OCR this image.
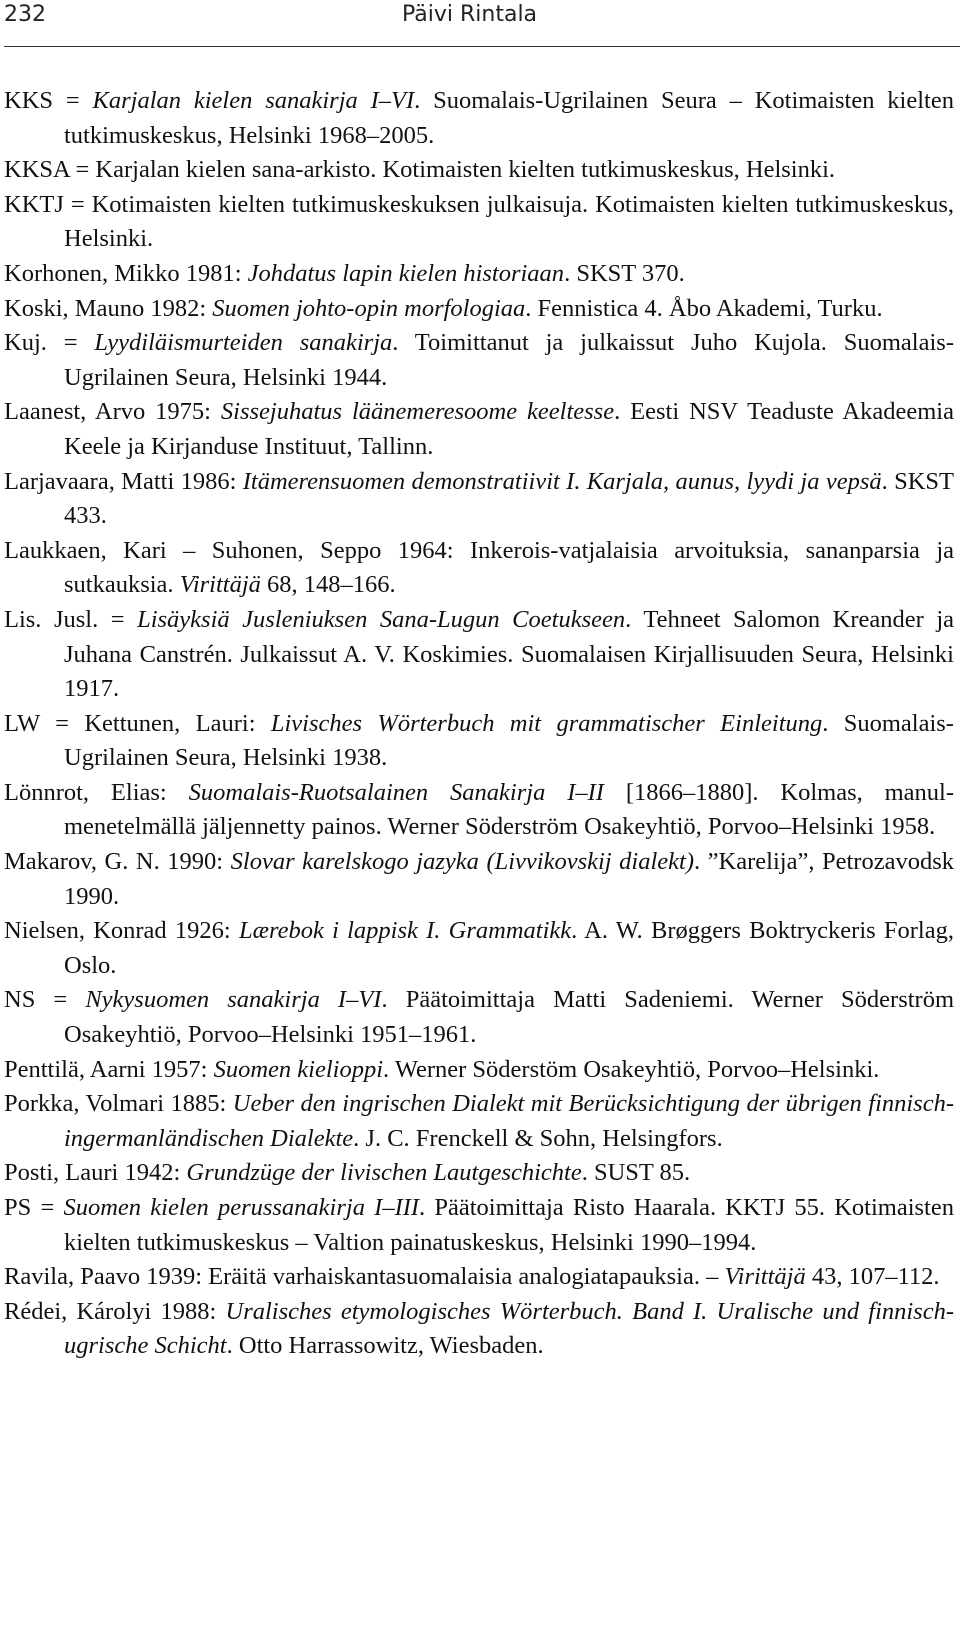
232	Päivi Rintala

KKS = Karjalan kielen sanakirja I–VI. Suomalais-Ugrilainen Seura – Kotimaisten kielten tutkimuskeskus, Helsinki 1968–2005.

KKSA = Karjalan kielen sana-arkisto. Kotimaisten kielten tutkimuskeskus, Helsinki.

KKTJ = Kotimaisten kielten tutkimuskeskuksen julkaisuja. Kotimaisten kielten tutkimuskeskus, Helsinki.

Korhonen, Mikko 1981: Johdatus lapin kielen historiaan. SKST 370.

Koski, Mauno 1982: Suomen johto-opin morfologiaa. Fennistica 4. Åbo Akademi, Turku.

Kuj. = Lyydiläismurteiden sanakirja. Toimittanut ja julkaissut Juho Kujola. Suomalais-Ugrilainen Seura, Helsinki 1944.

Laanest, Arvo 1975: Sissejuhatus läänemeresoome keeltesse. Eesti NSV Teaduste Akadeemia Keele ja Kirjanduse Instituut, Tallinn.

Larjavaara, Matti 1986: Itämerensuomen demonstratiivit I. Karjala, aunus, lyydi ja vepsä. SKST 433.

Laukkaen, Kari – Suhonen, Seppo 1964: Inkerois-vatjalaisia arvoituksia, sananparsia ja sutkauksia. Virittäjä 68, 148–166.

Lis. Jusl. = Lisäyksiä Jusleniuksen Sana-Lugun Coetukseen. Tehneet Salomon Kreander ja Juhana Canstrén. Julkaissut A. V. Koskimies. Suomalaisen Kirjallisuuden Seura, Helsinki 1917.

LW = Kettunen, Lauri: Livisches Wörterbuch mit grammatischer Einleitung. Suomalais-Ugrilainen Seura, Helsinki 1938.

Lönnrot, Elias: Suomalais-Ruotsalainen Sanakirja I–II [1866–1880]. Kolmas, manul-menetelmällä jäljennetty painos. Werner Söderström Osakeyhtiö, Porvoo–Helsinki 1958.

Makarov, G. N. 1990: Slovar karelskogo jazyka (Livvikovskij dialekt). ”Karelija”, Petrozavodsk 1990.

Nielsen, Konrad 1926: Lærebok i lappisk I. Grammatikk. A. W. Brøggers Boktryckeris Forlag, Oslo.

NS = Nykysuomen sanakirja I–VI. Päätoimittaja Matti Sadeniemi. Werner Söderström Osakeyhtiö, Porvoo–Helsinki 1951–1961.

Penttilä, Aarni 1957: Suomen kielioppi. Werner Söderstöm Osakeyhtiö, Porvoo–Helsinki.

Porkka, Volmari 1885: Ueber den ingrischen Dialekt mit Berücksichtigung der übrigen finnisch-ingermanländischen Dialekte. J. C. Frenckell & Sohn, Helsingfors.

Posti, Lauri 1942: Grundzüge der livischen Lautgeschichte. SUST 85.

PS = Suomen kielen perussanakirja I–III. Päätoimittaja Risto Haarala. KKTJ 55. Kotimaisten kielten tutkimuskeskus – Valtion painatuskeskus, Helsinki 1990–1994.

Ravila, Paavo 1939: Eräitä varhaiskantasuomalaisia analogiatapauksia. – Virittäjä 43, 107–112.

Rédei, Károlyi 1988: Uralisches etymologisches Wörterbuch. Band I. Uralische und finnisch-ugrische Schicht. Otto Harrassowitz, Wiesbaden.
